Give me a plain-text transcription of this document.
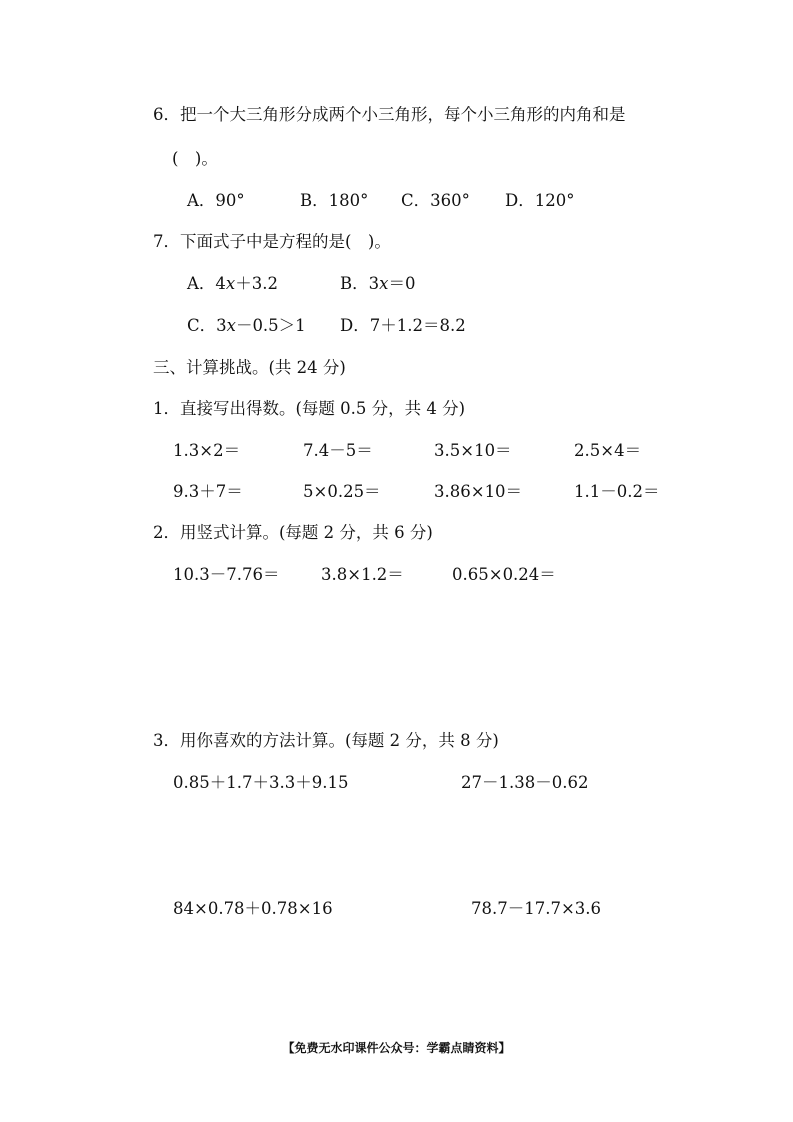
6．把一个大三角形分成两个小三角形，每个小三角形的内角和是
(　)。
A．90°	B．180° C．360° D．120°
7．下面式子中是方程的是(　)。
A．4x＋3.2	B．3x＝0
C．3x－0.5＞1 D．7＋1.2＝8.2
三、计算挑战。(共 24 分)
1．直接写出得数。(每题 0.5 分，共 4 分)
1.3×2＝	7.4－5＝	3.5×10＝	2.5×4＝
9.3＋7＝	5×0.25＝	3.86×10＝	1.1－0.2＝
2．用竖式计算。(每题 2 分，共 6 分)
10.3－7.76＝	3.8×1.2＝	0.65×0.24＝
3．用你喜欢的方法计算。(每题 2 分，共 8 分)
0.85＋1.7＋3.3＋9.15	27－1.38－0.62
84×0.78＋0.78×16	78.7－17.7×3.6
【免费无水印课件公众号：学霸点睛资料】
